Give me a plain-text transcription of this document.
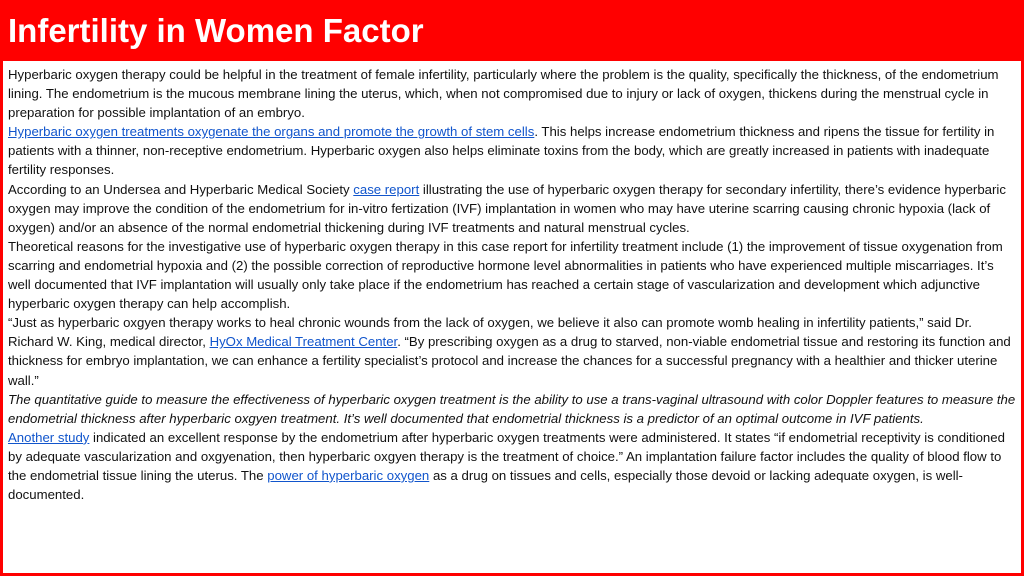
Infertility in Women Factor

Hyperbaric oxygen therapy could be helpful in the treatment of female infertility, particularly where the problem is the quality, specifically the thickness, of the endometrium lining. The endometrium is the mucous membrane lining the uterus, which, when not compromised due to injury or lack of oxygen, thickens during the menstrual cycle in preparation for possible implantation of an embryo.

Hyperbaric oxygen treatments oxygenate the organs and promote the growth of stem cells. This helps increase endometrium thickness and ripens the tissue for fertility in patients with a thinner, non-receptive endometrium. Hyperbaric oxygen also helps eliminate toxins from the body, which are greatly increased in patients with inadequate fertility responses.

According to an Undersea and Hyperbaric Medical Society case report illustrating the use of hyperbaric oxygen therapy for secondary infertility, there’s evidence hyperbaric oxygen may improve the condition of the endometrium for in-vitro fertization (IVF) implantation in women who may have uterine scarring causing chronic hypoxia (lack of oxygen) and/or an absence of the normal endometrial thickening during IVF treatments and natural menstrual cycles.

Theoretical reasons for the investigative use of hyperbaric oxygen therapy in this case report for infertility treatment include (1) the improvement of tissue oxygenation from scarring and endometrial hypoxia and (2) the possible correction of reproductive hormone level abnormalities in patients who have experienced multiple miscarriages. It’s well documented that IVF implantation will usually only take place if the endometrium has reached a certain stage of vascularization and development which adjunctive hyperbaric oxygen therapy can help accomplish.

“Just as hyperbaric oxgyen therapy works to heal chronic wounds from the lack of oxygen, we believe it also can promote womb healing in infertility patients,” said Dr. Richard W. King, medical director, HyOx Medical Treatment Center. “By prescribing oxygen as a drug to starved, non-viable endometrial tissue and restoring its function and thickness for embryo implantation, we can enhance a fertility specialist’s protocol and increase the chances for a successful pregnancy with a healthier and thicker uterine wall.”

The quantitative guide to measure the effectiveness of hyperbaric oxygen treatment is the ability to use a trans-vaginal ultrasound with color Doppler features to measure the endometrial thickness after hyperbaric oxgyen treatment. It’s well documented that endometrial thickness is a predictor of an optimal outcome in IVF patients.

Another study indicated an excellent response by the endometrium after hyperbaric oxygen treatments were administered. It states “if endometrial receptivity is conditioned by adequate vascularization and oxgyenation, then hyperbaric oxgyen therapy is the treatment of choice.” An implantation failure factor includes the quality of blood flow to the endometrial tissue lining the uterus. The power of hyperbaric oxygen as a drug on tissues and cells, especially those devoid or lacking adequate oxygen, is well-documented.
